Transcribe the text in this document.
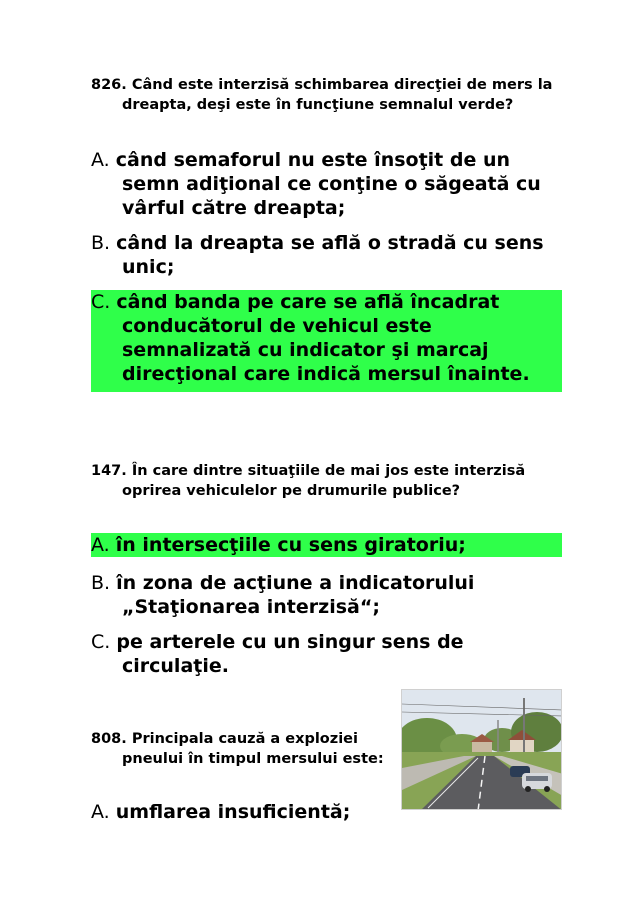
826. Când este interzisă schimbarea direcţiei de mers la dreapta, deşi este în funcţiune semnalul verde?

A. când semaforul nu este însoţit de un semn adiţional ce conţine o săgeată cu vârful către dreapta;

B. când la dreapta se află o stradă cu sens unic;

C. când banda pe care se află încadrat conducătorul de vehicul este semnalizată cu indicator şi marcaj direcţional care indică mersul înainte.

147. În care dintre situaţiile de mai jos este interzisă oprirea vehiculelor pe drumurile publice?

A. în intersecţiile cu sens giratoriu;

B. în zona de acţiune a indicatorului „Staţionarea interzisă“;

C. pe arterele cu un singur sens de circulaţie.

808. Principala cauză a exploziei pneului în timpul mersului este:

A. umflarea insuficientă;
